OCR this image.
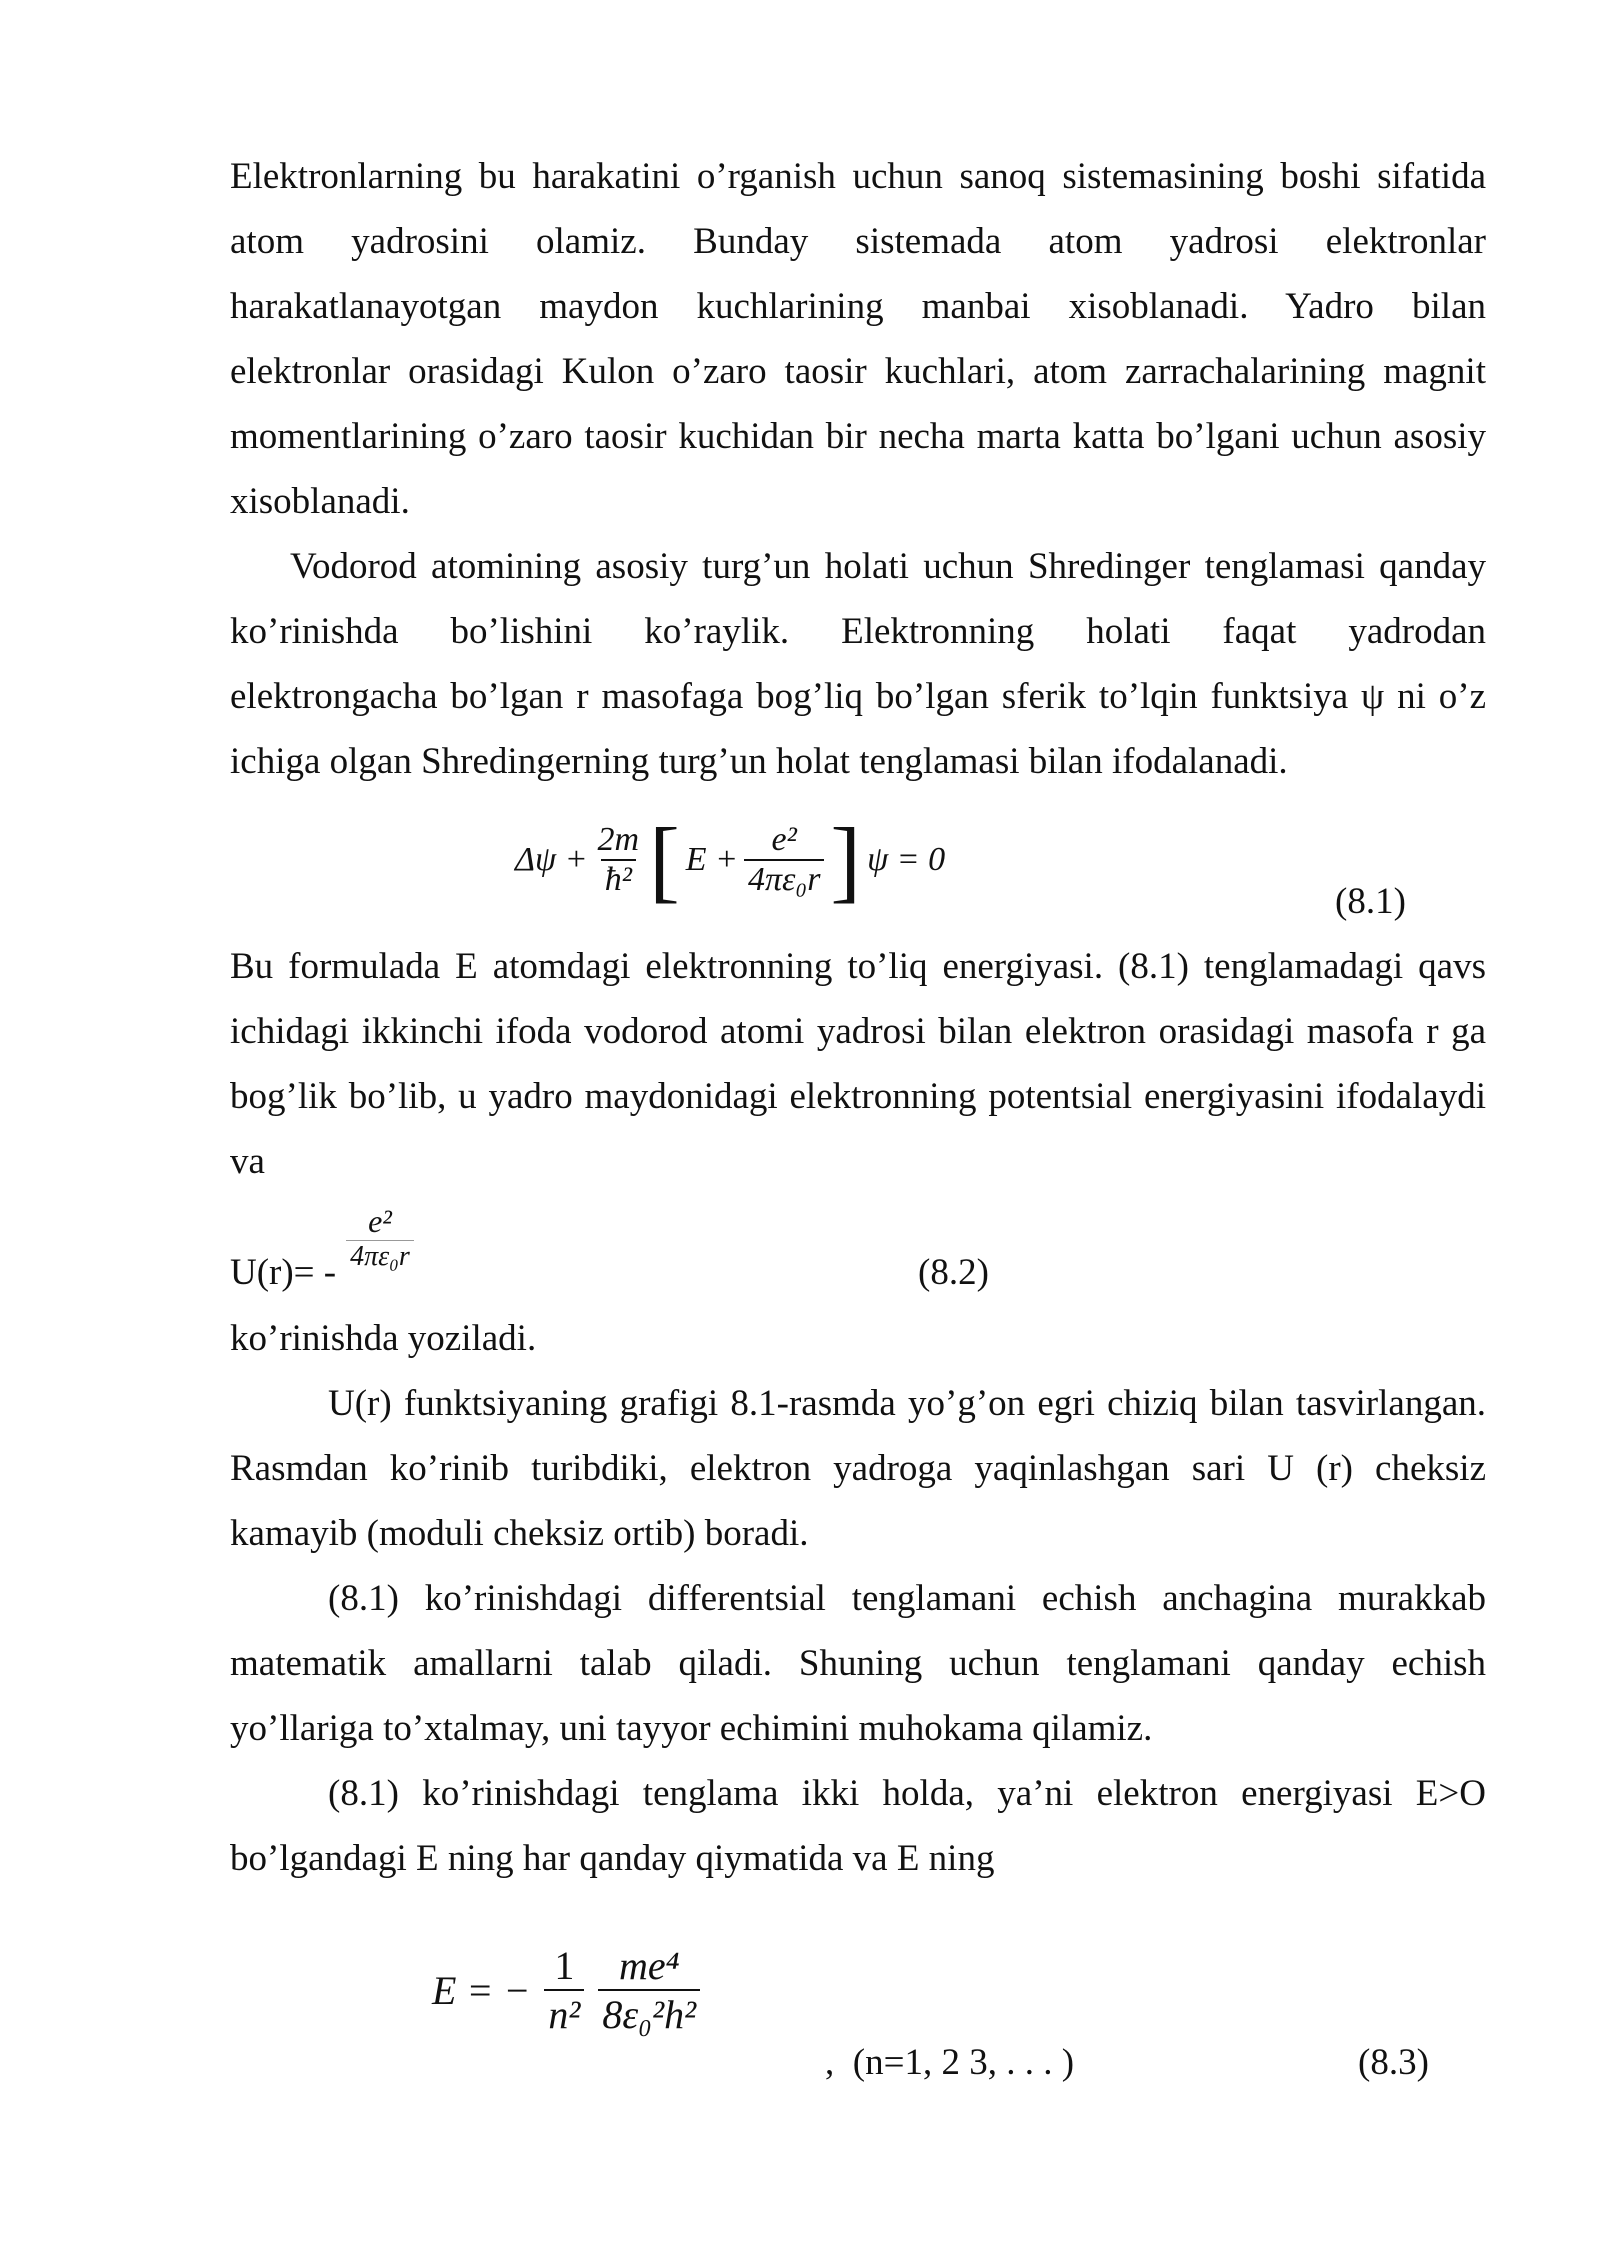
Elektronlarning bu harakatini o’rganish uchun sanoq sistemasining boshi sifatida
atom yadrosini olamiz. Bunday sistemada atom yadrosi elektronlar
harakatlanayotgan maydon kuchlarining manbai xisoblanadi. Yadro bilan
elektronlar orasidagi Kulon o’zaro taosir kuchlari, atom zarrachalarining magnit
momentlarining o’zaro taosir kuchidan bir necha marta katta bo’lgani uchun asosiy
xisoblanadi.
Vodorod atomining asosiy turg’un holati uchun Shredinger tenglamasi qanday
ko’rinishda bo’lishini ko’raylik. Elektronning holati faqat yadrodan
elektrongacha bo’lgan r masofaga bog’liq bo’lgan sferik to’lqin funktsiya ψ ni o’z
ichiga olgan Shredingerning turg’un holat tenglamasi bilan ifodalanadi.
$\Delta\psi + \frac{2m}{\text{ħ²}}$ [ $E + \frac{\text{e²}}{\text{4πε₀r}}$ ] ψ = 0
(8.1)
Bu formulada E atomdagi elektronning to’liq energiyasi. (8.1) tenglamadagi qavs
ichidagi ikkinchi ifoda vodorod atomi yadrosi bilan elektron orasidagi masofa r ga
bog’lik bo’lib, u yadro maydonidagi elektronning potentsial energiyasini ifodalaydi
va
$U(r)= - \frac{\text{e²}}{\text{4πε₀r}}$	(8.2)
ko’rinishda yoziladi.
U(r) funktsiyaning grafigi 8.1-rasmda yo’g’on egri chiziq bilan tasvirlangan.
Rasmdan ko’rinib turibdiki, elektron yadroga yaqinlashgan sari U (r) cheksiz
kamayib (moduli cheksiz ortib) boradi.
(8.1) ko’rinishdagi differentsial tenglamani echish anchagina murakkab
matematik amallarni talab qiladi. Shuning uchun tenglamani qanday echish
yo’llariga to’xtalmay, uni tayyor echimini muhokama qilamiz.
(8.1) ko’rinishdagi tenglama ikki holda, ya’ni elektron energiyasi E>O
bo’lgandagi E ning har qanday qiymatida va E ning
E = − $\frac{1}{\text{n²}} \frac{\text{me⁴}}{\text{8ε₀²h²}}$
,  (n=1, 2 3, . . . )	(8.3)
